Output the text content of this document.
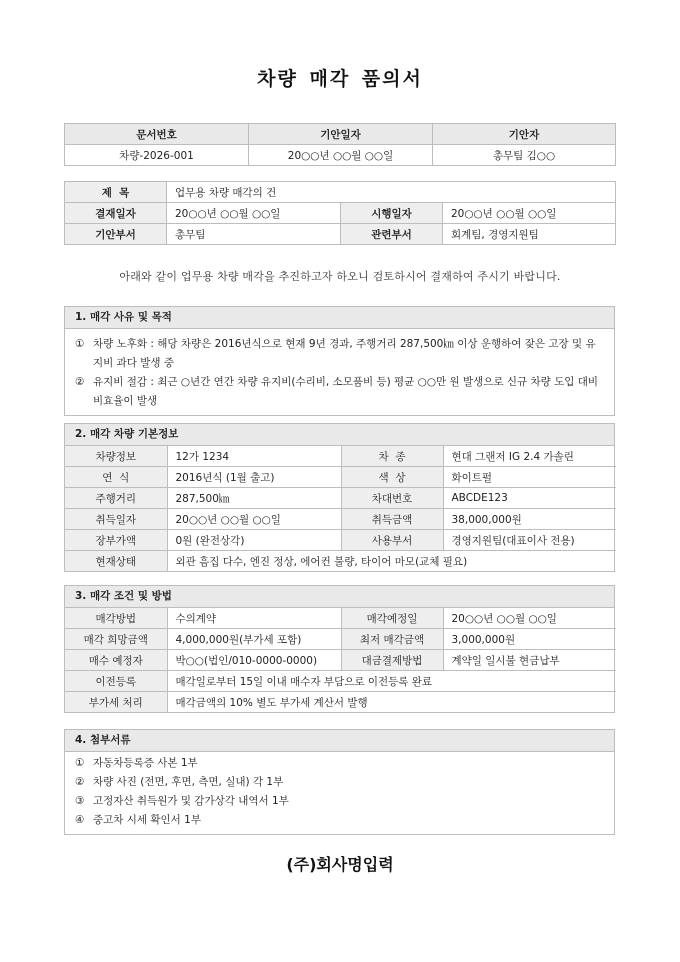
차량 매각 품의서
문서번호	기안일자	기안자
차량-2026-001	20○○년 ○○월 ○○일	총무팀 김○○
제  목	업무용 차량 매각의 건		
결재일자	20○○년 ○○월 ○○일	시행일자	20○○년 ○○월 ○○일
기안부서	총무팀	관련부서	회계팀, 경영지원팀
아래와 같이 업무용 차량 매각을 추진하고자 하오니 검토하시어 결재하여 주시기 바랍니다.
1. 매각 사유 및 목적
① 차량 노후화 : 해당 차량은 2016년식으로 현재 9년 경과, 주행거리 287,500㎞ 이상 운행하여 잦은 고장 및 유지비 과다 발생 중
② 유지비 절감 : 최근 ○년간 연간 차량 유지비(수리비, 소모품비 등) 평균 ○○만 원 발생으로 신규 차량 도입 대비 비효율이 발생
2. 매각 차량 기본정보
차량정보	12가 1234	차  종	현대 그랜저 IG 2.4 가솔린
연  식	2016년식 (1월 출고)	색  상	화이트펄
주행거리	287,500㎞	차대번호	ABCDE123
취득일자	20○○년 ○○월 ○○일	취득금액	38,000,000원
장부가액	0원 (완전상각)	사용부서	경영지원팀(대표이사 전용)
현재상태	외관 흠집 다수, 엔진 정상, 에어컨 불량, 타이어 마모(교체 필요)		
3. 매각 조건 및 방법
매각방법	수의계약	매각예정일	20○○년 ○○월 ○○일
매각 희망금액	4,000,000원(부가세 포함)	최저 매각금액	3,000,000원
매수 예정자	박○○(법인/010-0000-0000)	대금결제방법	계약일 일시불 현금납부
이전등록	매각일로부터 15일 이내 매수자 부담으로 이전등록 완료		
부가세 처리	매각금액의 10% 별도 부가세 계산서 발행		
4. 첨부서류
① 자동차등록증 사본 1부
② 차량 사진 (전면, 후면, 측면, 실내) 각 1부
③ 고정자산 취득원가 및 감가상각 내역서 1부
④ 중고차 시세 확인서 1부
(주)회사명입력
